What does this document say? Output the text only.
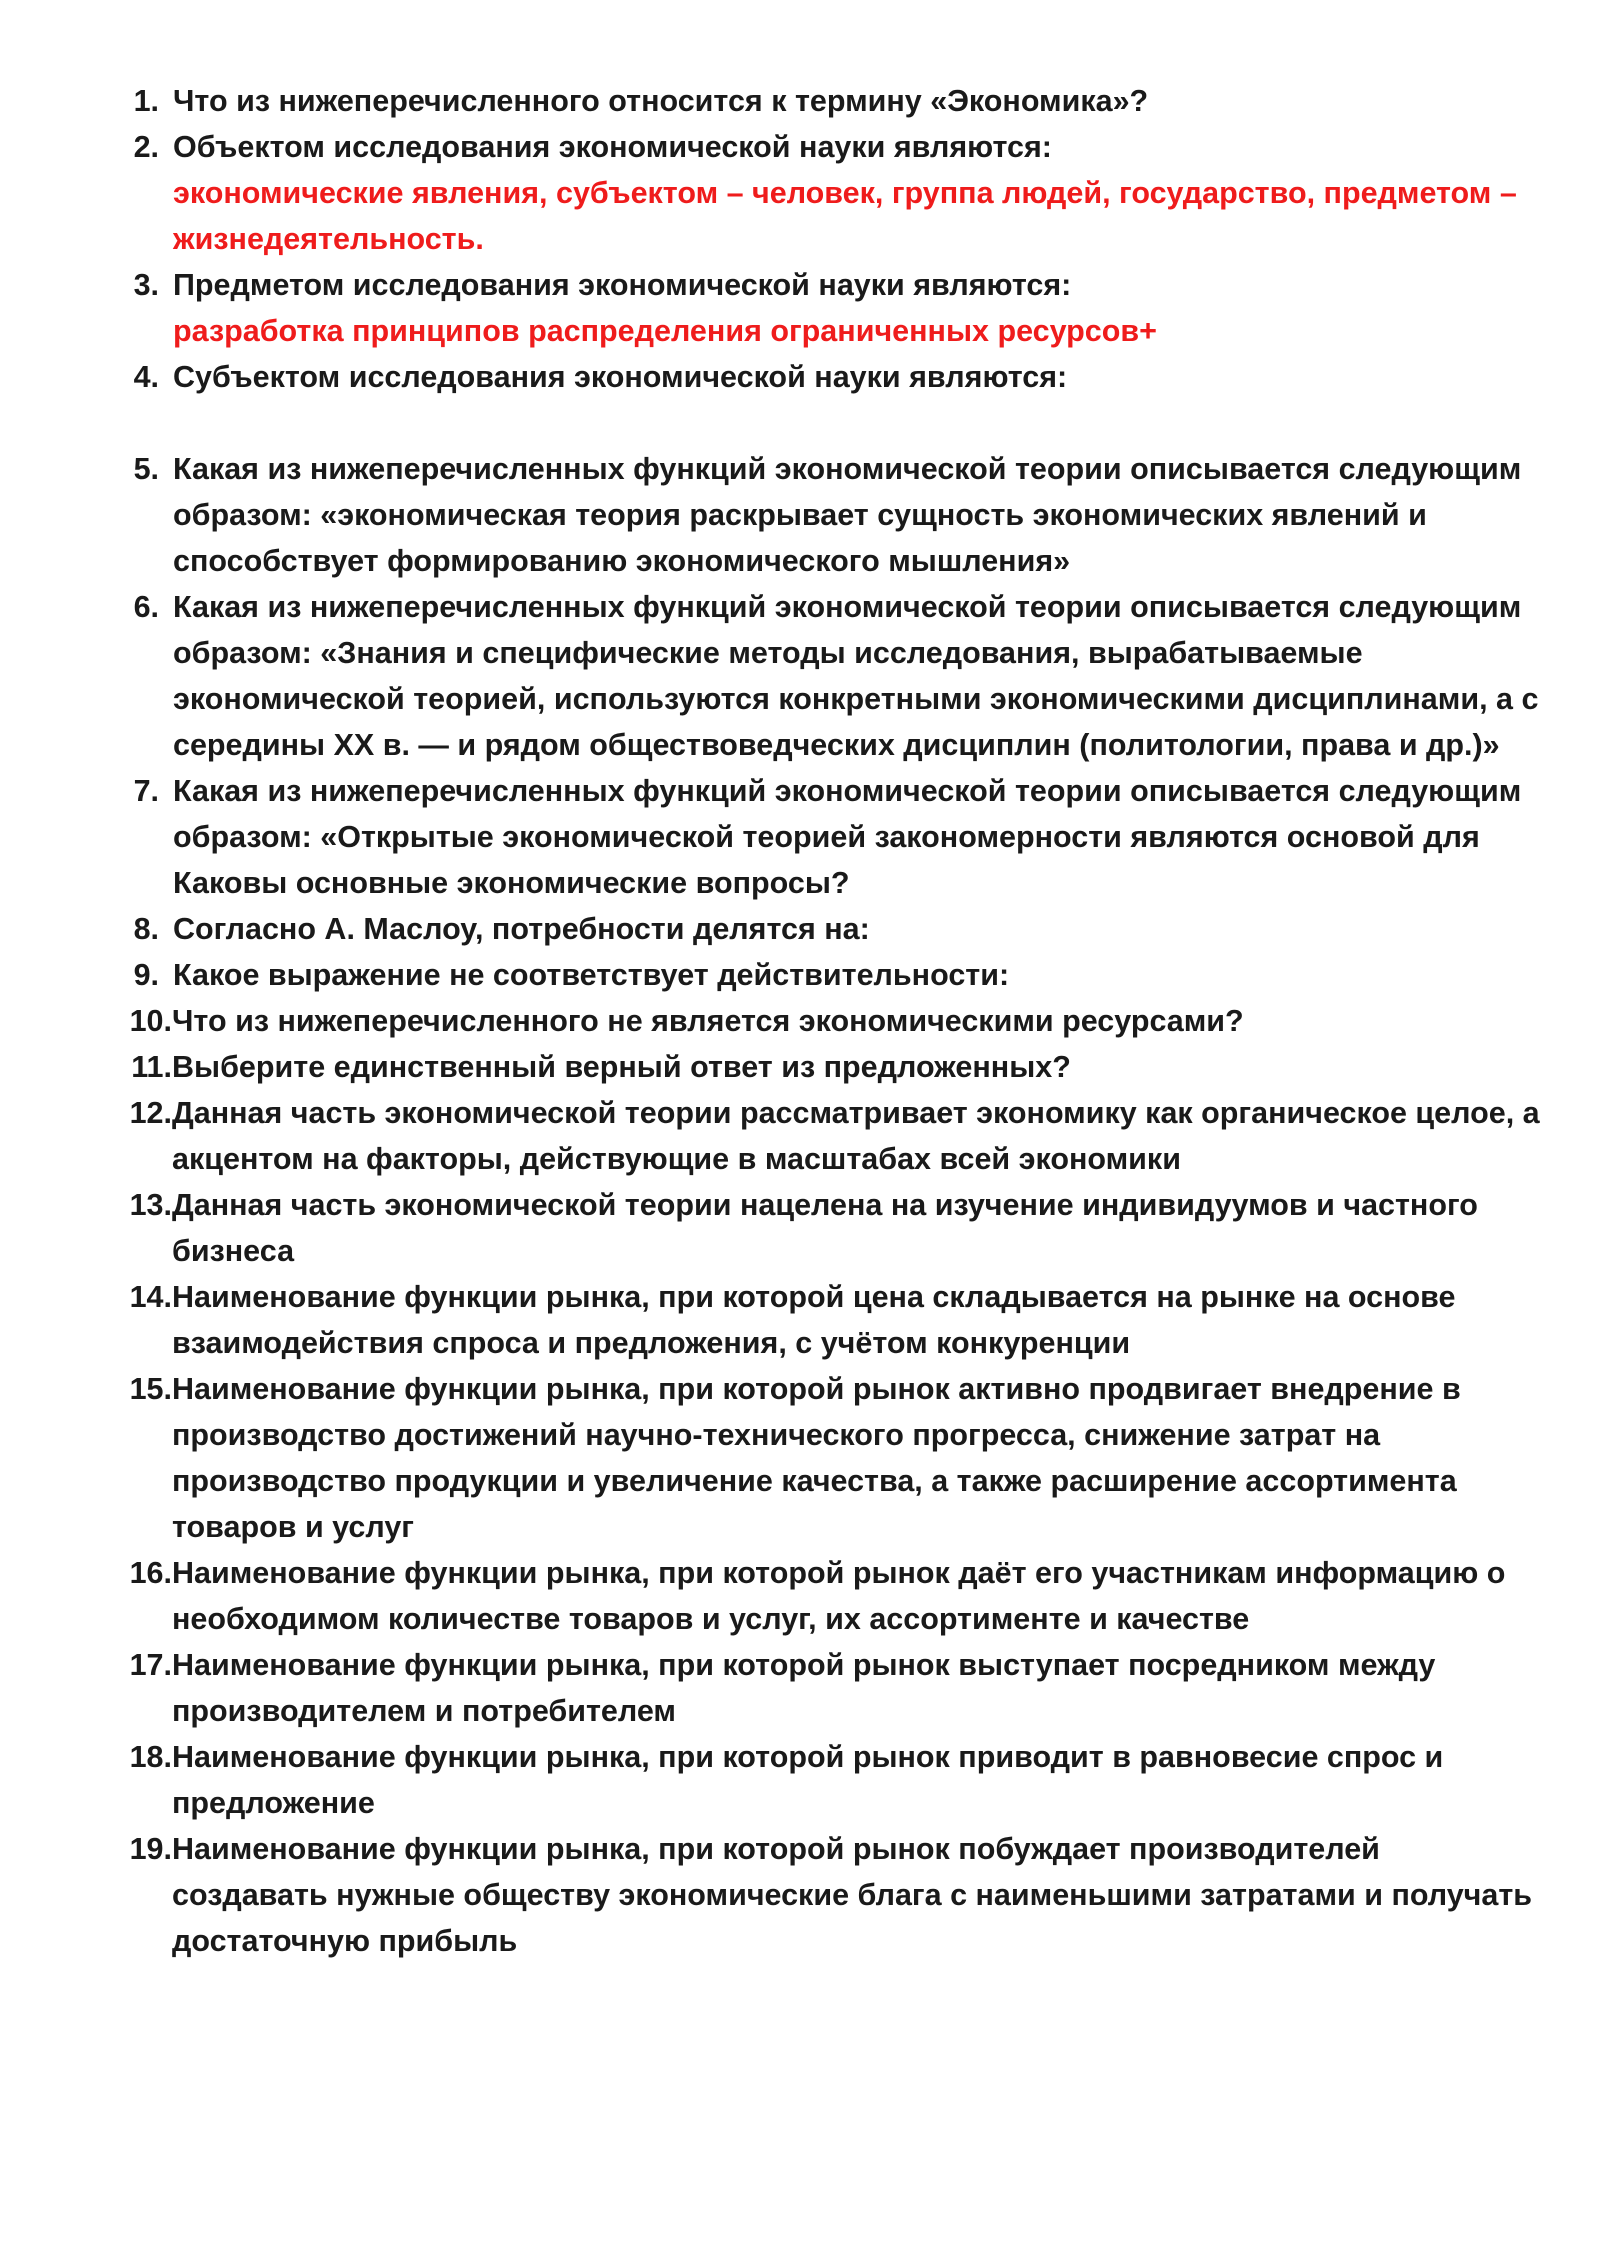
1. Что из нижеперечисленного относится к термину «Экономика»?
2. Объектом исследования экономической науки являются:
экономические явления, субъектом – человек, группа людей, государство, предметом – жизнедеятельность.
3. Предметом исследования экономической науки являются:
разработка принципов распределения ограниченных ресурсов+
4. Субъектом исследования экономической науки являются:
5. Какая из нижеперечисленных функций экономической теории описывается следующим образом: «экономическая теория раскрывает сущность экономических явлений и способствует формированию экономического мышления»
6. Какая из нижеперечисленных функций экономической теории описывается следующим образом: «Знания и специфические методы исследования, вырабатываемые экономической теорией, используются конкретными экономическими дисциплинами, а с середины XX в. — и рядом обществоведческих дисциплин (политологии, права и др.)»
7. Какая из нижеперечисленных функций экономической теории описывается следующим образом: «Открытые экономической теорией закономерности являются основой для Каковы основные экономические вопросы?
8. Согласно А. Маслоу, потребности делятся на:
9. Какое выражение не соответствует действительности:
10. Что из нижеперечисленного не является экономическими ресурсами?
11. Выберите единственный верный ответ из предложенных?
12. Данная часть экономической теории рассматривает экономику как органическое целое, а акцентом на факторы, действующие в масштабах всей экономики
13. Данная часть экономической теории нацелена на изучение индивидуумов и частного бизнеса
14. Наименование функции рынка, при которой цена складывается на рынке на основе взаимодействия спроса и предложения, с учётом конкуренции
15. Наименование функции рынка, при которой рынок активно продвигает внедрение в производство достижений научно-технического прогресса, снижение затрат на производство продукции и увеличение качества, а также расширение ассортимента товаров и услуг
16. Наименование функции рынка, при которой рынок даёт его участникам информацию о необходимом количестве товаров и услуг, их ассортименте и качестве
17. Наименование функции рынка, при которой рынок выступает посредником между производителем и потребителем
18. Наименование функции рынка, при которой рынок приводит в равновесие спрос и предложение
19. Наименование функции рынка, при которой рынок побуждает производителей создавать нужные обществу экономические блага с наименьшими затратами и получать достаточную прибыль
